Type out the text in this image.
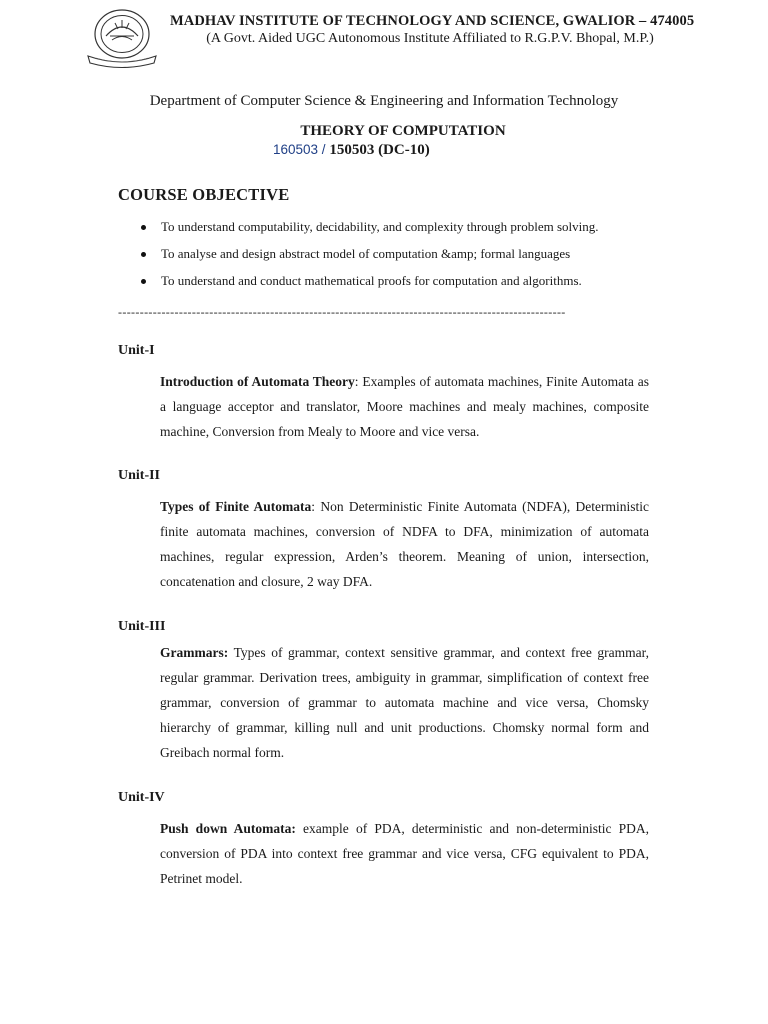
MADHAV INSTITUTE OF TECHNOLOGY AND SCIENCE, GWALIOR – 474005
(A Govt. Aided UGC Autonomous Institute Affiliated to R.G.P.V. Bhopal, M.P.)
Department of Computer Science & Engineering and Information Technology
THEORY OF COMPUTATION
160503 / 150503 (DC-10)
COURSE OBJECTIVE
To understand computability, decidability, and complexity through problem solving.
To analyse and design abstract model of computation &amp; formal languages
To understand and conduct mathematical proofs for computation and algorithms.
-------------------------------------------------------------------------------------------------------
Unit-I
Introduction of Automata Theory: Examples of automata machines, Finite Automata as a language acceptor and translator, Moore machines and mealy machines, composite machine, Conversion from Mealy to Moore and vice versa.
Unit-II
Types of Finite Automata: Non Deterministic Finite Automata (NDFA), Deterministic finite automata machines, conversion of NDFA to DFA, minimization of automata machines, regular expression, Arden’s theorem. Meaning of union, intersection, concatenation and closure, 2 way DFA.
Unit-III
Grammars: Types of grammar, context sensitive grammar, and context free grammar, regular grammar. Derivation trees, ambiguity in grammar, simplification of context free grammar, conversion of grammar to automata machine and vice versa, Chomsky hierarchy of grammar, killing null and unit productions. Chomsky normal form and Greibach normal form.
Unit-IV
Push down Automata: example of PDA, deterministic and non-deterministic PDA, conversion of PDA into context free grammar and vice versa, CFG equivalent to PDA, Petrinet model.
